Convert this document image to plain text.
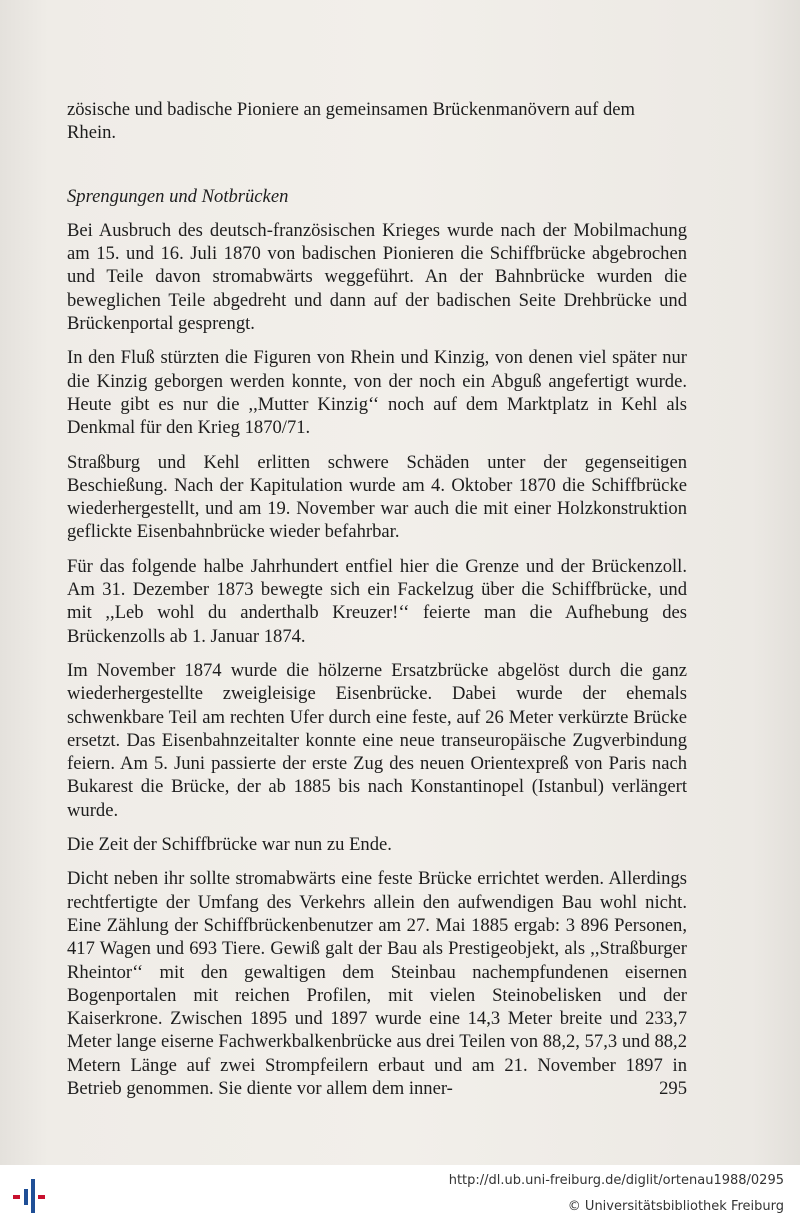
zösische und badische Pioniere an gemeinsamen Brückenmanövern auf dem Rhein.

Sprengungen und Notbrücken

Bei Ausbruch des deutsch-französischen Krieges wurde nach der Mobilmachung am 15. und 16. Juli 1870 von badischen Pionieren die Schiffbrücke abgebrochen und Teile davon stromabwärts weggeführt. An der Bahnbrücke wurden die beweglichen Teile abgedreht und dann auf der badischen Seite Drehbrücke und Brückenportal gesprengt.

In den Fluß stürzten die Figuren von Rhein und Kinzig, von denen viel später nur die Kinzig geborgen werden konnte, von der noch ein Abguß angefertigt wurde. Heute gibt es nur die ,,Mutter Kinzig‘‘ noch auf dem Marktplatz in Kehl als Denkmal für den Krieg 1870/71.

Straßburg und Kehl erlitten schwere Schäden unter der gegenseitigen Beschießung. Nach der Kapitulation wurde am 4. Oktober 1870 die Schiffbrücke wiederhergestellt, und am 19. November war auch die mit einer Holzkonstruktion geflickte Eisenbahnbrücke wieder befahrbar.

Für das folgende halbe Jahrhundert entfiel hier die Grenze und der Brückenzoll. Am 31. Dezember 1873 bewegte sich ein Fackelzug über die Schiffbrücke, und mit ,,Leb wohl du anderthalb Kreuzer!‘‘ feierte man die Aufhebung des Brückenzolls ab 1. Januar 1874.

Im November 1874 wurde die hölzerne Ersatzbrücke abgelöst durch die ganz wiederhergestellte zweigleisige Eisenbrücke. Dabei wurde der ehemals schwenkbare Teil am rechten Ufer durch eine feste, auf 26 Meter verkürzte Brücke ersetzt. Das Eisenbahnzeitalter konnte eine neue transeuropäische Zugverbindung feiern. Am 5. Juni passierte der erste Zug des neuen Orientexpreß von Paris nach Bukarest die Brücke, der ab 1885 bis nach Konstantinopel (Istanbul) verlängert wurde.

Die Zeit der Schiffbrücke war nun zu Ende.

Dicht neben ihr sollte stromabwärts eine feste Brücke errichtet werden. Allerdings rechtfertigte der Umfang des Verkehrs allein den aufwendigen Bau wohl nicht. Eine Zählung der Schiffbrückenbenutzer am 27. Mai 1885 ergab: 3 896 Personen, 417 Wagen und 693 Tiere. Gewiß galt der Bau als Prestigeobjekt, als ,,Straßburger Rheintor‘‘ mit den gewaltigen dem Steinbau nachempfundenen eisernen Bogenportalen mit reichen Profilen, mit vielen Steinobelisken und der Kaiserkrone. Zwischen 1895 und 1897 wurde eine 14,3 Meter breite und 233,7 Meter lange eiserne Fachwerkbalkenbrücke aus drei Teilen von 88,2, 57,3 und 88,2 Metern Länge auf zwei Strompfeilern erbaut und am 21. November 1897 in Betrieb genommen. Sie diente vor allem dem inner-	295
http://dl.ub.uni-freiburg.de/diglit/ortenau1988/0295
© Universitätsbibliothek Freiburg
